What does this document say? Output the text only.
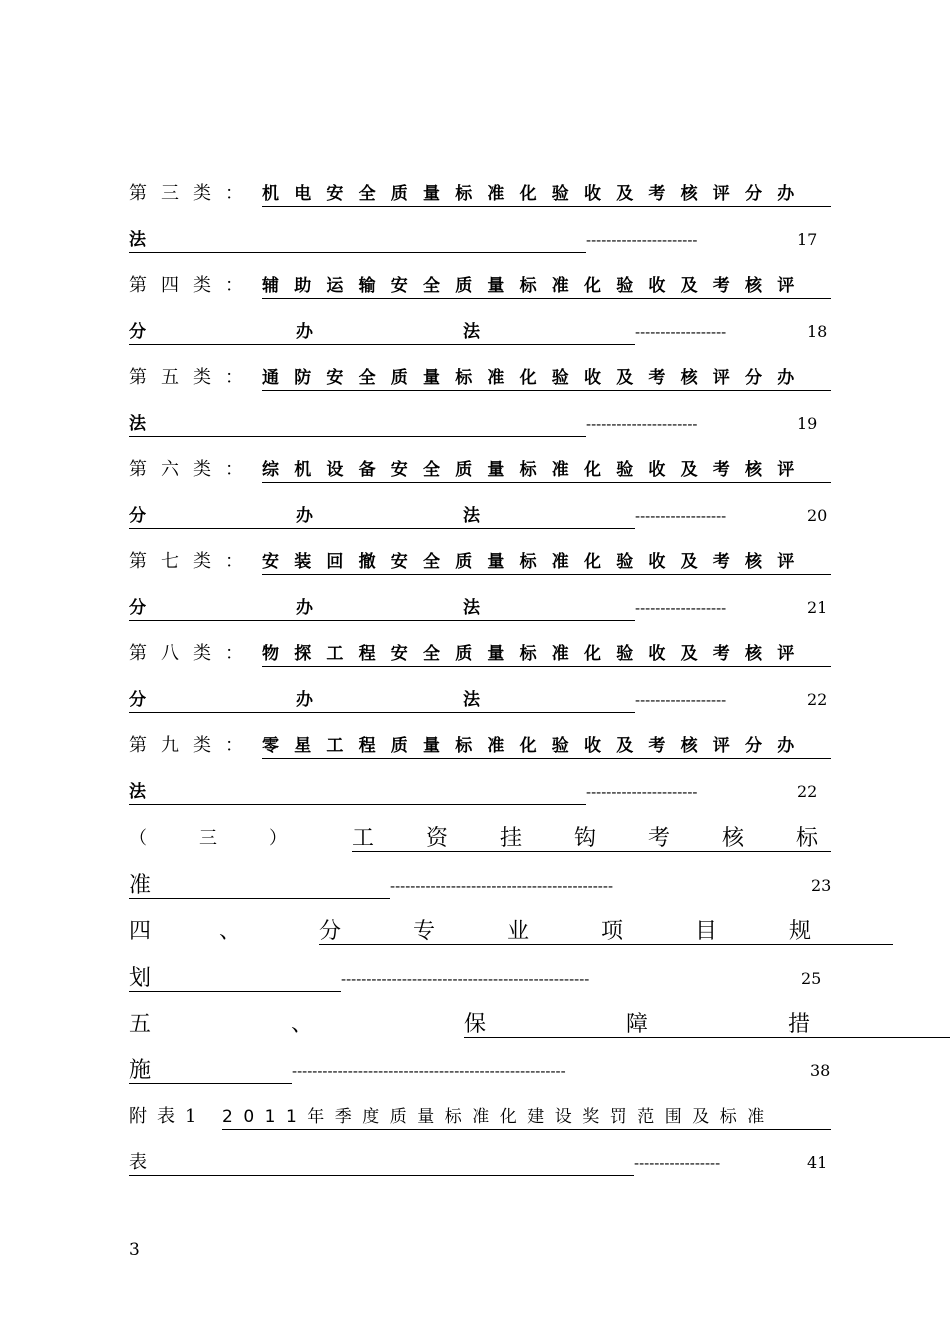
第三类： 机电安全质量标准化验收及考核评分办
法	----------------------	17
第四类： 辅助运输安全质量标准化验收及考核评
分办法 ------------------	18
第五类： 通防安全质量标准化验收及考核评分办
法	----------------------	19
第六类： 综机设备安全质量标准化验收及考核评
分办法 ------------------	20
第七类： 安装回撤安全质量标准化验收及考核评
分办法 ------------------	21
第八类： 物探工程安全质量标准化验收及考核评
分办法 ------------------	22
第九类： 零星工程质量标准化验收及考核评分办
法	----------------------	22
（三） 工资挂钩考核标
准	--------------------------------------------	23
四、 分专业项目规
划	-------------------------------------------------	25
五、 保障措
施	------------------------------------------------------	38
附表1 2011年季度质量标准化建设奖罚范围及标准
表	-----------------	41
3
